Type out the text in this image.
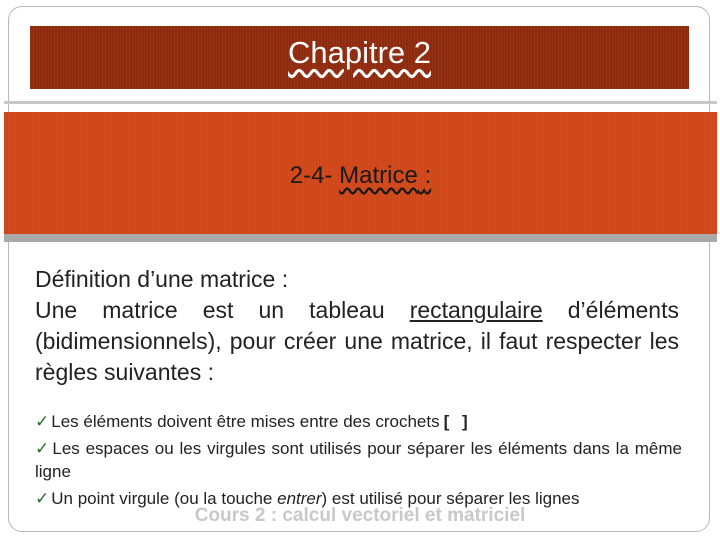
Chapitre 2
2-4- Matrice :

Définition d’une matrice :

Une matrice est un tableau rectangulaire d’éléments (bidimensionnels), pour créer une matrice, il faut respecter les règles suivantes :

✓ Les éléments doivent être mises entre des crochets [ ]

✓ Les espaces ou les virgules sont utilisés pour séparer les éléments dans la même ligne

✓ Un point virgule (ou la touche entrer) est utilisé pour séparer les lignes

Cours 2 : calcul vectoriel et matriciel
